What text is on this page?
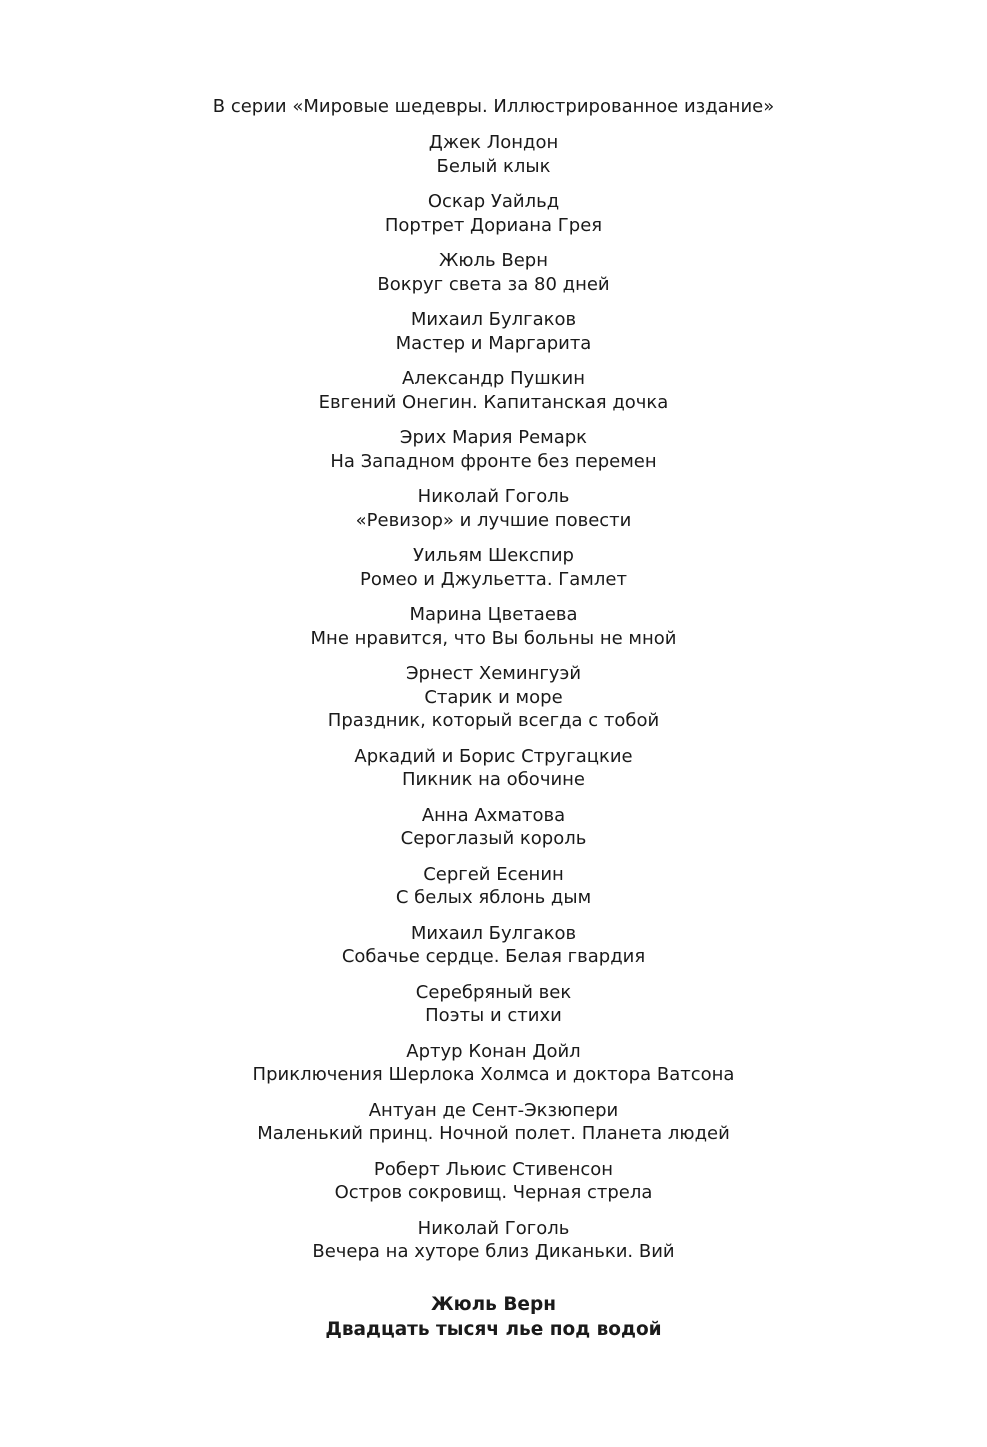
В серии «Мировые шедевры. Иллюстрированное издание»
Джек Лондон
Белый клык
Оскар Уайльд
Портрет Дориана Грея
Жюль Верн
Вокруг света за 80 дней
Михаил Булгаков
Мастер и Маргарита
Александр Пушкин
Евгений Онегин. Капитанская дочка
Эрих Мария Ремарк
На Западном фронте без перемен
Николай Гоголь
«Ревизор» и лучшие повести
Уильям Шекспир
Ромео и Джульетта. Гамлет
Марина Цветаева
Мне нравится, что Вы больны не мной
Эрнест Хемингуэй
Старик и море
Праздник, который всегда с тобой
Аркадий и Борис Стругацкие
Пикник на обочине
Анна Ахматова
Сероглазый король
Сергей Есенин
С белых яблонь дым
Михаил Булгаков
Собачье сердце. Белая гвардия
Серебряный век
Поэты и стихи
Артур Конан Дойл
Приключения Шерлока Холмса и доктора Ватсона
Антуан де Сент-Экзюпери
Маленький принц. Ночной полет. Планета людей
Роберт Льюис Стивенсон
Остров сокровищ. Черная стрела
Николай Гоголь
Вечера на хуторе близ Диканьки. Вий
Жюль Верн
Двадцать тысяч лье под водой
